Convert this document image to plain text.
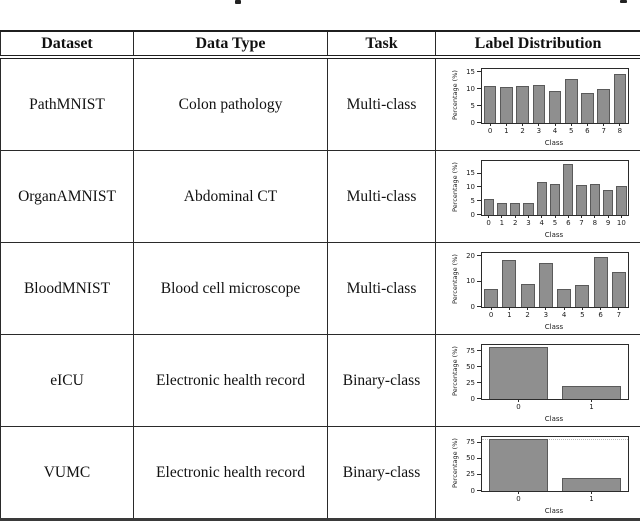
Dataset	Data Type	Task	Label Distribution
PathMNIST	Colon pathology	Multi-class	
0
5
10
15
0	1	2	3	4	5	6	7	8
Class
Percentage (%)

OrganAMNIST	Abdominal CT	Multi-class	
0
5
10
15
0	1	2	3	4	5	6	7	8	9 10
Class
Percentage (%)

BloodMNIST	Blood cell microscope	Multi-class	
0
10
20
0	1	2	3	4	5	6	7
Class
Percentage (%)

eICU	Electronic health record	Binary-class	
0
25
50
75
0	1
Class
Percentage (%)

VUMC	Electronic health record	Binary-class	
0
25
50
75
0	1
Class
Percentage (%)
